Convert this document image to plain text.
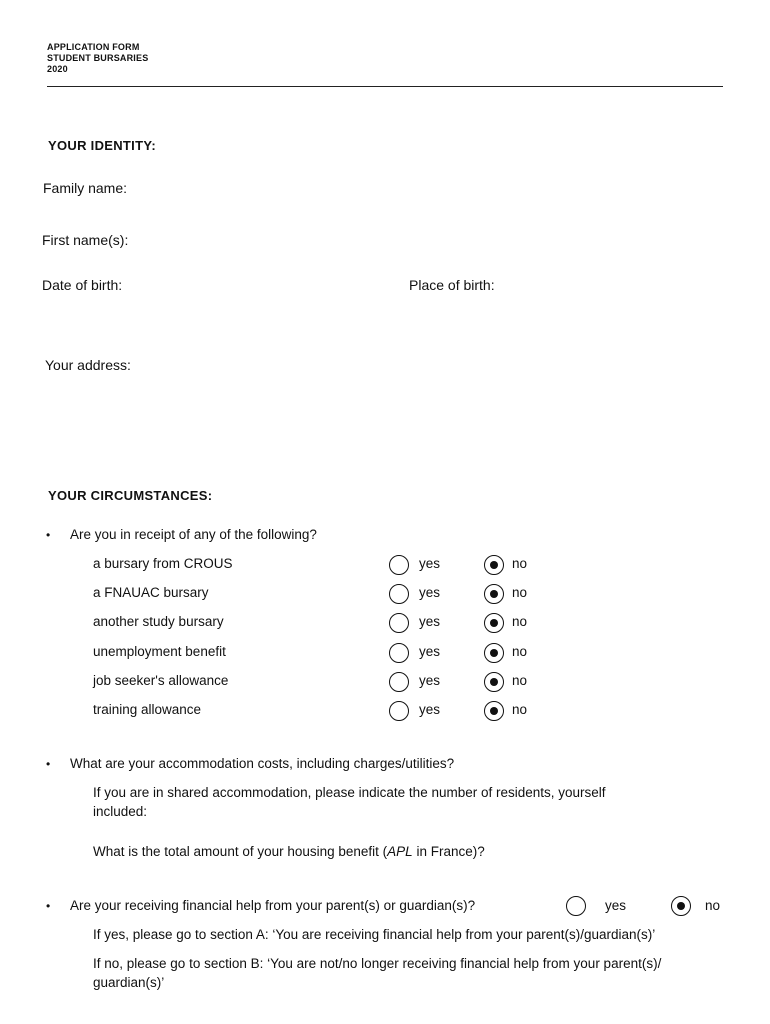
APPLICATION FORM
STUDENT BURSARIES
2020
YOUR IDENTITY:
Family name:
First name(s):
Date of birth:	Place of birth:
Your address:
YOUR CIRCUMSTANCES:
• Are you in receipt of any of the following?
a bursary from CROUS	yes	no
a FNAUAC bursary	yes	no
another study bursary	yes	no
unemployment benefit	yes	no
job seeker's allowance	yes	no
training allowance	yes	no
• What are your accommodation costs, including charges/utilities?
If you are in shared accommodation, please indicate the number of residents, yourself
included:
What is the total amount of your housing benefit (APL in France)?
• Are your receiving financial help from your parent(s) or guardian(s)?	yes	no
If yes, please go to section A: ‘You are receiving financial help from your parent(s)/guardian(s)’
If no, please go to section B: ‘You are not/no longer receiving financial help from your parent(s)/
guardian(s)’
